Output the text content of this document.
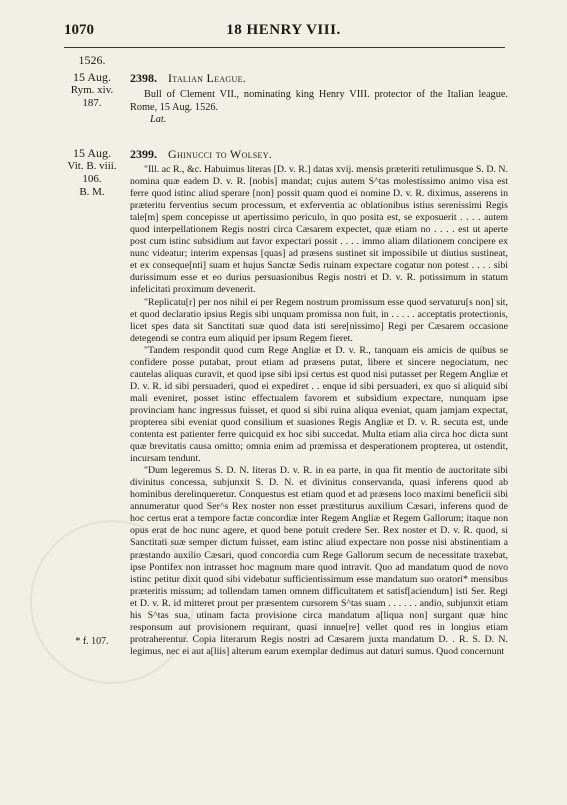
1070	18 HENRY VIII.
1526.
15 Aug.
Rym. xiv.
187.
2398. Italian League.

Bull of Clement VII., nominating king Henry VIII. protector of the Italian league. Rome, 15 Aug. 1526.

Lat.

15 Aug.
Vit. B. viii.
106.
B. M.
2399. Ghinucci to Wolsey.

"Ill. ac R., &c. Habuimus literas [D. v. R.] datas xvij. mensis præteriti retulimusque S. D. N. nomina quæ eadem D. v. R. [nobis] mandat; cujus autem S^tas molestissimo animo visa est ferre quod istinc aliud sperare [non] possit quam quod ei nomine D. v. R. diximus, asserens in præteritu ferventius secum processum, et exferventia ac oblationibus istius serenissimi Regis tale[m] spem concepisse ut apertissimo periculo, in quo posita est, se exposuerit . . . . autem quod interpellationem Regis nostri circa Cæsarem expectet, quæ etiam no . . . . est ut aperte post cum istinc subsidium aut favor expectari possit . . . . immo aliam dilationem concipere ex nunc videatur; interim expensas [quas] ad præsens sustinet sit impossibile ut diutius sustineat, et ex conseque[nti] suam et hujus Sanctæ Sedis ruinam expectare cogatur non potest . . . . sibi durissimum esse et eo durius persuasionibus Regis nostri et D. v. R. potissimum in statum infelicitati proximum devenerit.

"Replicatu[r] per nos nihil ei per Regem nostrum promissum esse quod servaturu[s non] sit, et quod declaratio ipsius Regis sibi unquam promissa non fuit, in . . . . . acceptatis protectionis, licet spes data sit Sanctitati suæ quod data isti sere[nissimo] Regi per Cæsarem occasione detegendi se contra eum aliquid per ipsum Regem fieret.

"Tandem respondit quod cum Rege Angliæ et D. v. R., tanquam eis amicis de quibus se confidere posse putabat, prout etiam ad præsens putat, libere et sincere negociatum, nec cautelas aliquas curavit, et quod ipse sibi ipsi certus est quod nisi putasset per Regem Angliæ et D. v. R. id sibi persuaderi, quod ei expediret . . enque id sibi persuaderi, ex quo si aliquid sibi mali eveniret, posset istinc effectualem favorem et subsidium expectare, nunquam ipse provinciam hanc ingressus fuisset, et quod si sibi ruina aliqua eveniat, quam jamjam expectat, propterea sibi eveniat quod consilium et suasiones Regis Angliæ et D. v. R. secuta est, unde contenta est patienter ferre quicquid ex hoc sibi succedat. Multa etiam alia circa hoc dicta sunt quæ brevitatis causa omitto; omnia enim ad præmissa et desperationem propterea, ut ostendit, incursam tendunt.

"Dum legeremus S. D. N. literas D. v. R. in ea parte, in qua fit mentio de auctoritate sibi divinitus concessa, subjunxit S. D. N. et divinitus conservanda, quasi inferens quod ab hominibus derelinqueretur. Conquestus est etiam quod et ad præsens loco maximi beneficii sibi annumeratur quod Ser^s Rex noster non esset præstiturus auxilium Cæsari, inferens quod de hoc certus erat a tempore factæ concordiæ inter Regem Angliæ et Regem Gallorum; itaque non opus erat de hoc nunc agere, et quod bene potuit credere Ser. Rex noster et D. v. R. quod, si Sanctitati suæ semper dictum fuisset, eam istinc aliud expectare non posse nisi abstinentiam a præstando auxilio Cæsari, quod concordia cum Rege Gallorum secum de necessitate traxebat, ipse Pontifex non intrasset hoc magnum mare quod intravit. Quo ad mandatum quod de novo istinc petitur dixit quod sibi videbatur sufficientissimum esse mandatum suo oratori* mensibus præteritis missum; ad tollendam tamen omnem difficultatem et satisf[aciendum] isti Ser. Regi et D. v. R. id mitteret prout per præsentem cursorem S^tas suam . . . . . . andio, subjunxit etiam his S^tas sua, utinam facta provisione circa mandatum a[liqua non] surgant quæ hinc responsum aut provisionem requirant, quasi innue[re] vellet quod res in longius etiam protraherentur. Copia literarum Regis nostri ad Cæsarem juxta mandatum D. . R. S. D. N. legimus, nec ei aut a[liis] alterum earum exemplar dedimus aut daturi sumus. Quod concernunt

* f. 107.
